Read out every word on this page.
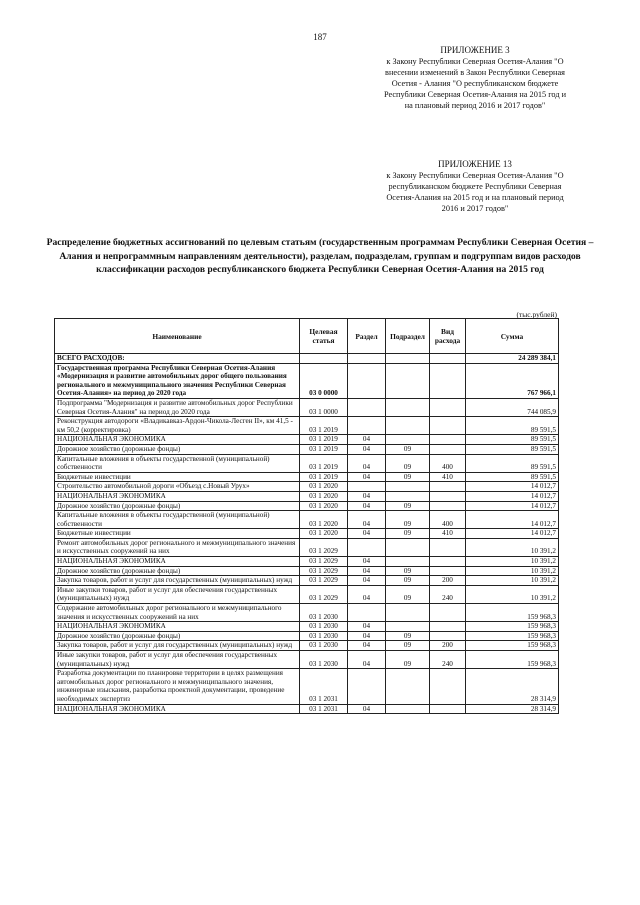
187
ПРИЛОЖЕНИЕ 3
к Закону Республики Северная Осетия-Алания "О внесении изменений в Закон Республики Северная Осетия - Алания "О республиканском бюджете Республики Северная Осетия-Алания на 2015 год и на плановый период 2016 и 2017 годов"
ПРИЛОЖЕНИЕ 13
к Закону Республики Северная Осетия-Алания "О республиканском бюджете Республики Северная Осетия-Алания на 2015 год и на плановый период 2016 и 2017 годов"
Распределение бюджетных ассигнований по целевым статьям (государственным программам Республики Северная Осетия – Алания и непрограммным направлениям деятельности), разделам, подразделам, группам и подгруппам видов расходов классификации расходов республиканского бюджета Республики Северная Осетия-Алания на 2015 год
(тыс.рублей)
Наименование	Целевая статья	Раздел	Подраздел	Вид расхода	Сумма
ВСЕГО РАСХОДОВ:					24 289 384,1
Государственная программа Республики Северная Осетия-Алания «Модернизация и развитие автомобильных дорог общего пользования регионального и межмуниципального значения Республики Северная Осетия-Алания» на период до 2020 года	03 0 0000				767 966,1
Подпрограмма "Модернизация и развитие автомобильных дорог Республики Северная Осетия-Алания" на период до 2020 года	03 1 0000				744 085,9
Реконструкция автодороги «Владикавказ-Ардон-Чикола-Лесген II», км 41,5 - км 50,2 (корректировка)	03 1 2019				89 591,5
НАЦИОНАЛЬНАЯ ЭКОНОМИКА	03 1 2019	04			89 591,5
Дорожное хозяйство (дорожные фонды)	03 1 2019	04	09		89 591,5
Капитальные вложения в объекты государственной (муниципальной) собственности	03 1 2019	04	09	400	89 591,5
Бюджетные инвестиции	03 1 2019	04	09	410	89 591,5
Строительство автомобильной дороги «Объезд с.Новый Урух»	03 1 2020				14 012,7
НАЦИОНАЛЬНАЯ ЭКОНОМИКА	03 1 2020	04			14 012,7
Дорожное хозяйство (дорожные фонды)	03 1 2020	04	09		14 012,7
Капитальные вложения в объекты государственной (муниципальной) собственности	03 1 2020	04	09	400	14 012,7
Бюджетные инвестиции	03 1 2020	04	09	410	14 012,7
Ремонт автомобильных дорог регионального и межмуниципального значения и искусственных сооружений на них	03 1 2029				10 391,2
НАЦИОНАЛЬНАЯ ЭКОНОМИКА	03 1 2029	04			10 391,2
Дорожное хозяйство (дорожные фонды)	03 1 2029	04	09		10 391,2
Закупка товаров, работ и услуг для государственных (муниципальных) нужд	03 1 2029	04	09	200	10 391,2
Иные закупки товаров, работ и услуг для обеспечения государственных (муниципальных) нужд	03 1 2029	04	09	240	10 391,2
Содержание автомобильных дорог регионального и межмуниципального значения и искусственных сооружений на них	03 1 2030				159 968,3
НАЦИОНАЛЬНАЯ ЭКОНОМИКА	03 1 2030	04			159 968,3
Дорожное хозяйство (дорожные фонды)	03 1 2030	04	09		159 968,3
Закупка товаров, работ и услуг для государственных (муниципальных) нужд	03 1 2030	04	09	200	159 968,3
Иные закупки товаров, работ и услуг для обеспечения государственных (муниципальных) нужд	03 1 2030	04	09	240	159 968,3
Разработка документации по планировке территории в целях размещения автомобильных дорог регионального и межмуниципального значения, инженерные изыскания, разработка проектной документации, проведение необходимых экспертиз	03 1 2031				28 314,9
НАЦИОНАЛЬНАЯ ЭКОНОМИКА	03 1 2031	04			28 314,9
